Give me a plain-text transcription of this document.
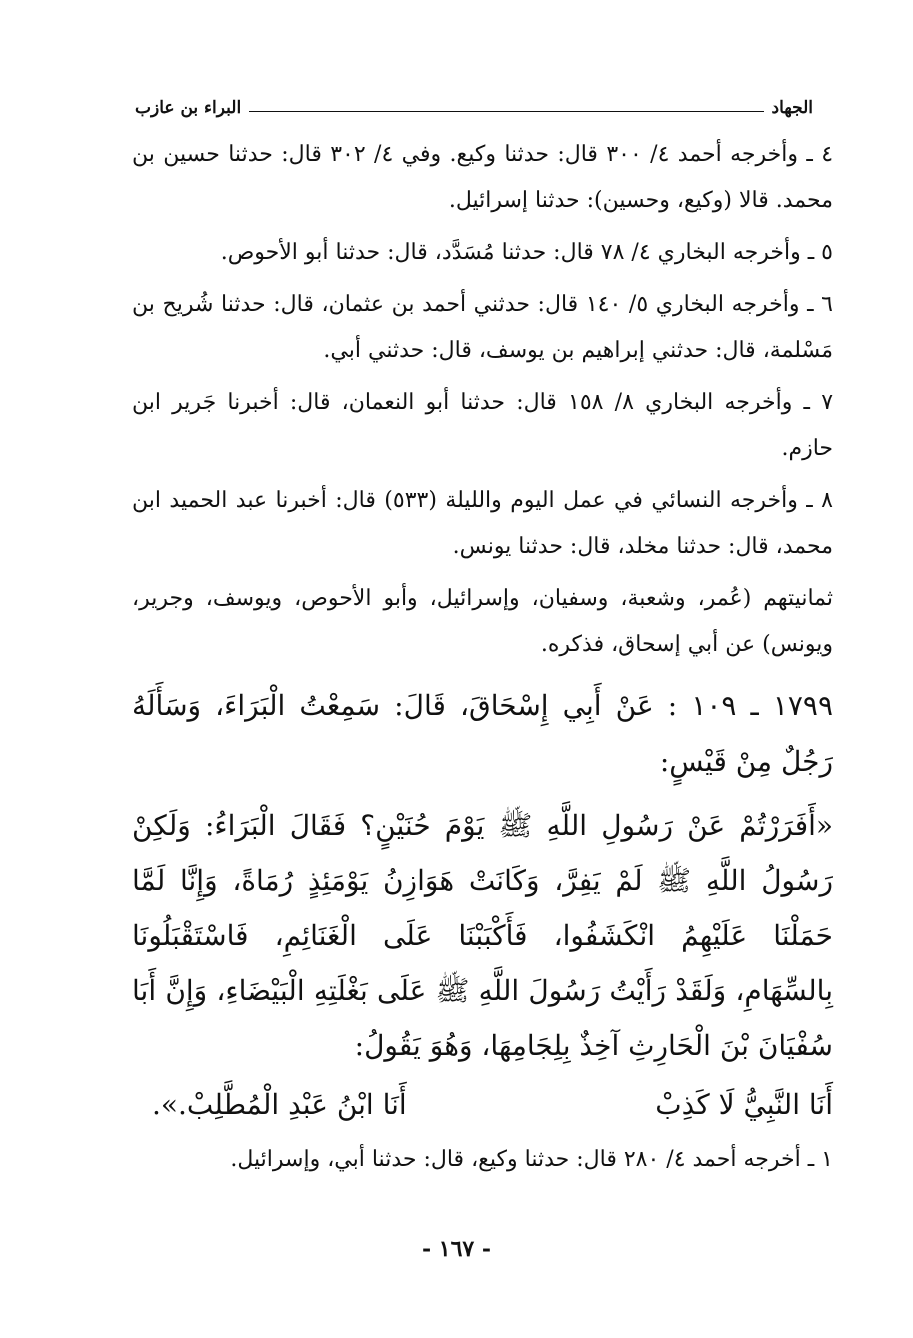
الجهاد
البراء بن عازب

٤ ـ وأخرجه أحمد ٤/ ٣٠٠ قال: حدثنا وكيع. وفي ٤/ ٣٠٢ قال: حدثنا حسين بن محمد. قالا (وكيع، وحسين): حدثنا إسرائيل.

٥ ـ وأخرجه البخاري ٤/ ٧٨ قال: حدثنا مُسَدَّد، قال: حدثنا أبو الأحوص.

٦ ـ وأخرجه البخاري ٥/ ١٤٠ قال: حدثني أحمد بن عثمان، قال: حدثنا شُريح بن مَسْلمة، قال: حدثني إبراهيم بن يوسف، قال: حدثني أبي.

٧ ـ وأخرجه البخاري ٨/ ١٥٨ قال: حدثنا أبو النعمان، قال: أخبرنا جَرير ابن حازم.

٨ ـ وأخرجه النسائي في عمل اليوم والليلة (٥٣٣) قال: أخبرنا عبد الحميد ابن محمد، قال: حدثنا مخلد، قال: حدثنا يونس.

ثمانيتهم (عُمر، وشعبة، وسفيان، وإسرائيل، وأبو الأحوص، ويوسف، وجرير، ويونس) عن أبي إسحاق، فذكره.

١٧٩٩ ـ ١٠٩ : عَنْ أَبِي إِسْحَاقَ، قَالَ: سَمِعْتُ الْبَرَاءَ، وَسَأَلَهُ رَجُلٌ مِنْ قَيْسٍ:

«أَفَرَرْتُمْ عَنْ رَسُولِ اللَّهِ ﷺ يَوْمَ حُنَيْنٍ؟ فَقَالَ الْبَرَاءُ: وَلَكِنْ رَسُولُ اللَّهِ ﷺ لَمْ يَفِرَّ، وَكَانَتْ هَوَازِنُ يَوْمَئِذٍ رُمَاةً، وَإِنَّا لَمَّا حَمَلْنَا عَلَيْهِمُ انْكَشَفُوا، فَأَكْبَبْنَا عَلَى الْغَنَائِمِ، فَاسْتَقْبَلُونَا بِالسِّهَامِ، وَلَقَدْ رَأَيْتُ رَسُولَ اللَّهِ ﷺ عَلَى بَغْلَتِهِ الْبَيْضَاءِ، وَإِنَّ أَبَا سُفْيَانَ بْنَ الْحَارِثِ آخِذٌ بِلِجَامِهَا، وَهُوَ يَقُولُ:

أَنَا النَّبِيُّ لَا كَذِبْ
أَنَا ابْنُ عَبْدِ الْمُطَّلِبْ.».

١ ـ أخرجه أحمد ٤/ ٢٨٠ قال: حدثنا وكيع، قال: حدثنا أبي، وإسرائيل.

- ١٦٧ -
